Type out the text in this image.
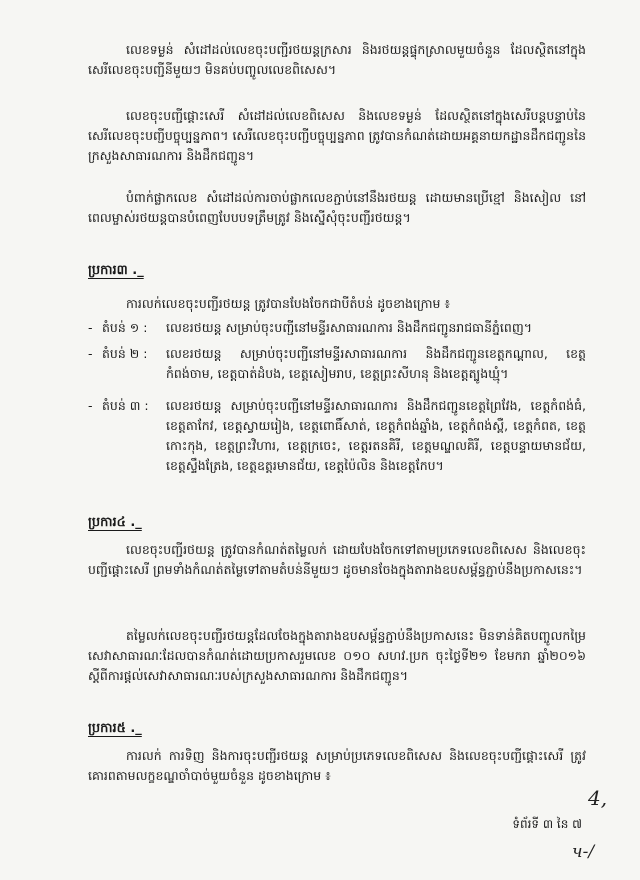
លេខទម្ងន់ សំដៅដល់លេខចុះបញ្ជីរថយន្តក្រសារ និងរថយន្តផ្ទុកស្រាលមួយចំនួន ដែលស្ថិតនៅក្នុងសេរីលេខចុះបញ្ជីនីមួយៗ មិនគប់បញ្ចូលលេខពិសេស។

លេខចុះបញ្ជីផ្តោះសេរី សំដៅដល់លេខពិសេស និងលេខទម្ងន់ ដែលស្ថិតនៅក្នុងសេរីបន្តបន្ទាប់នៃសេរីលេខចុះបញ្ជីបច្ចុប្បន្នភាព។ សេរីលេខចុះបញ្ជីបច្ចុប្បន្នភាព ត្រូវបានកំណត់ដោយអគ្គនាយកដ្ឋានដឹកជញ្ជូននៃក្រសួងសាធារណការ និងដឹកជញ្ជូន។

បំពាក់ផ្លាកលេខ សំដៅដល់ការចាប់ផ្លាកលេខភ្ជាប់នៅនឹងរថយន្ត ដោយមានប្រើខ្មៅ និងសៀល នៅពេលម្ចាស់រថយន្តបានបំពេញបែបបទត្រឹមត្រូវ និងស្នើសុំចុះបញ្ជីរថយន្ត។

ប្រការ៣ ._

ការលក់លេខចុះបញ្ជីរថយន្ត ត្រូវបានបែងចែកជាបីតំបន់ ដូចខាងក្រោម ៖

- តំបន់ ១ :	លេខរថយន្ត សម្រាប់ចុះបញ្ជីនៅមន្ទីរសាធារណការ និងដឹកជញ្ជូនរាជធានីភ្នំពេញ។
- តំបន់ ២ :	លេខរថយន្ត សម្រាប់ចុះបញ្ជីនៅមន្ទីរសាធារណការ និងដឹកជញ្ជូនខេត្តកណ្តាល, ខេត្តកំពង់ចាម, ខេត្តបាត់ដំបង, ខេត្តសៀមរាប, ខេត្តព្រះសីហនុ និងខេត្តត្បូងឃ្មុំ។
- តំបន់ ៣ :	លេខរថយន្ត សម្រាប់ចុះបញ្ជីនៅមន្ទីរសាធារណការ និងដឹកជញ្ជូនខេត្តព្រៃវែង, ខេត្តកំពង់ធំ, ខេត្តតាកែវ, ខេត្តស្វាយរៀង, ខេត្តពោធិ៍សាត់, ខេត្តកំពង់ឆ្នាំង, ខេត្តកំពង់ស្ពឺ, ខេត្តកំពត, ខេត្តកោះកុង, ខេត្តព្រះវិហារ, ខេត្តក្រចេះ, ខេត្តរតនគិរី, ខេត្តមណ្ឌលគិរី, ខេត្តបន្ទាយមានជ័យ, ខេត្តស្ទឹងត្រែង, ខេត្តឧត្តរមានជ័យ, ខេត្តប៉ៃលិន និងខេត្តកែប។
ប្រការ៤ ._

លេខចុះបញ្ជីរថយន្ត ត្រូវបានកំណត់តម្លៃលក់ ដោយបែងចែកទៅតាមប្រភេទលេខពិសេស និងលេខចុះបញ្ជីផ្តោះសេរី ព្រមទាំងកំណត់តម្លៃទៅតាមតំបន់នីមួយៗ ដូចមានចែងក្នុងតារាងឧបសម្ព័ន្ធភ្ជាប់នឹងប្រកាសនេះ។

តម្លៃលក់លេខចុះបញ្ជីរថយន្តដែលចែងក្នុងតារាងឧបសម្ព័ន្ធភ្ជាប់នឹងប្រកាសនេះ មិនទាន់គិតបញ្ចូលកម្រៃសេវាសាធារណៈដែលបានកំណត់ដោយប្រកាសរួមលេខ ០១០ សហវ.ប្រក ចុះថ្ងៃទី២១ ខែមករា ឆ្នាំ២០១៦ ស្តីពីការផ្តល់សេវាសាធារណៈរបស់ក្រសួងសាធារណការ និងដឹកជញ្ជូន។

ប្រការ៥ ._

ការលក់ ការទិញ និងការចុះបញ្ជីរថយន្ត សម្រាប់ប្រភេទលេខពិសេស និងលេខចុះបញ្ជីផ្តោះសេរី ត្រូវគោរពតាមលក្ខខណ្ឌចាំបាច់មួយចំនួន ដូចខាងក្រោម ៖

4,
ទំព័រទី ៣ នៃ ៧
ч-/
